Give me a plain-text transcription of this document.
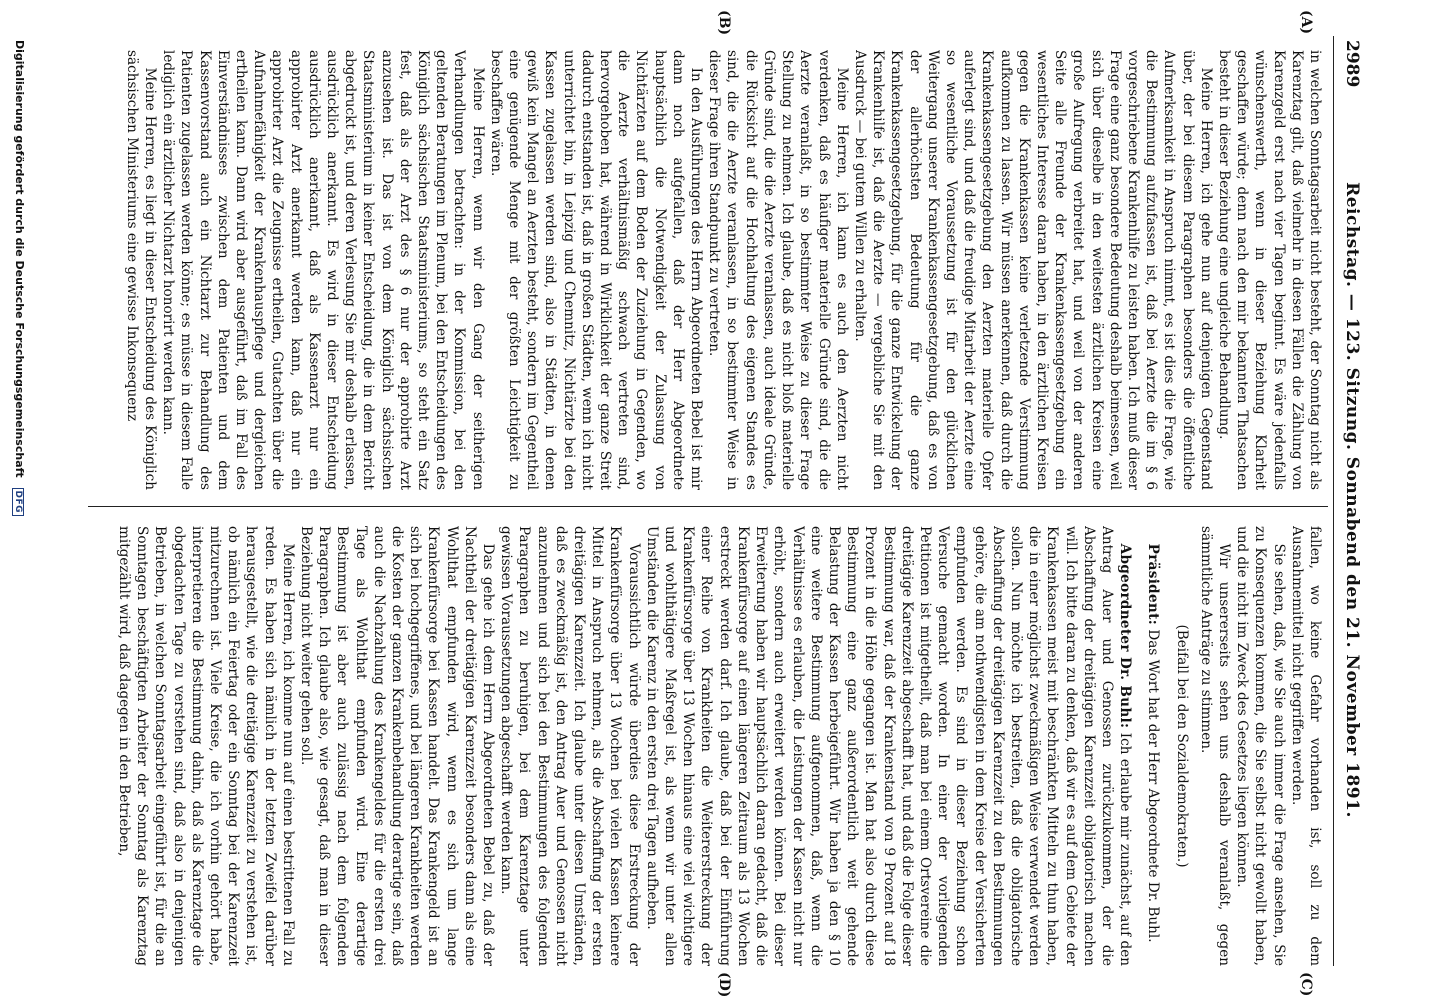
2989
Reichstag. — 123. Sitzung. Sonnabend den 21. November 1891.
(C)
(A)
(D)
(B)

in welchen Sonntagsarbeit nicht besteht, der Sonntag nicht als Karenztag gilt, daß vielmehr in diesen Fällen die Zählung von Karenzgeld erst nach vier Tagen beginnt. Es wäre jedenfalls wünschenswerth, wenn in dieser Beziehung Klarheit geschaffen würde; denn nach den mir bekannten Thatsachen besteht in dieser Beziehung eine ungleiche Behandlung.

Meine Herren, ich gehe nun auf denjenigen Gegenstand über, der bei diesem Paragraphen besonders die öffentliche Aufmerksamkeit in Anspruch nimmt, es ist dies die Frage, wie die Bestimmung aufzufassen ist, daß bei Aerzte die im § 6 vorgeschriebene Krankenhilfe zu leisten haben. Ich muß dieser Frage eine ganz besondere Bedeutung deshalb beimessen, weil sich über dieselbe in den weitesten ärztlichen Kreisen eine große Aufregung verbreitet hat, und weil von der anderen Seite alle Freunde der Krankenkassengesetzgebung ein wesentliches Interesse daran haben, in den ärztlichen Kreisen gegen die Krankenkassen keine verletzende Verstimmung aufkommen zu lassen. Wir müssen anerkennen, daß durch die Krankenkassengesetzgebung den Aerzten materielle Opfer auferlegt sind, und daß die freudige Mitarbeit der Aerzte eine so wesentliche Voraussetzung ist für den glücklichen Weitergang unserer Krankenkassengesetzgebung, daß es von der allerhöchsten Bedeutung für die ganze Krankenkassengesetzgebung, für die ganze Entwickelung der Krankenhilfe ist, daß die Aerzte — vergebliche Sie mit den Ausdruck — bei gutem Willen zu erhalten.

Meine Herren, ich kann es auch den Aerzten nicht verdenken, daß es häufiger materielle Gründe sind, die die Aerzte veranlaßt, in so bestimmter Weise zu dieser Frage Stellung zu nehmen. Ich glaube, daß es nicht bloß materielle Gründe sind, die die Aerzte veranlassen, auch ideale Gründe, die Rücksicht auf die Hochhaltung des eigenen Standes es sind, die die Aerzte veranlassen, in so bestimmter Weise in dieser Frage ihren Standpunkt zu vertreten.

In den Ausführungen des Herrn Abgeordneten Bebel ist mir dann noch aufgefallen, daß der Herr Abgeordnete hauptsächlich die Notwendigkeit der Zulassung von Nichtärzten auf dem Boden der Zuziehung in Gegenden, wo die Aerzte verhältnismäßig schwach vertreten sind, hervorgehoben hat, während in Wirklichkeit der ganze Streit dadurch entstanden ist, daß in großen Städten, wenn ich nicht unterrichtet bin, in Leipzig und Chemnitz, Nichtärzte bei den Kassen zugelassen werden sind, also in Städten, in denen gewiß kein Mangel an Aerzten besteht, sondern im Gegentheil eine genügende Menge mit der größten Leichtigkeit zu beschaffen wären.

Meine Herren, wenn wir den Gang der seitherigen Verhandlungen betrachten: in der Kommission, bei den geltenden Beratungen im Plenum, bei den Entscheidungen des Königlich sächsischen Staatsministeriums, so steht ein Satz fest, daß als der Arzt des § 6 nur der approbirte Arzt anzusehen ist. Das ist von dem Königlich sächsischen Staatsministerium in keiner Entscheidung, die in dem Bericht abgedruckt ist, und deren Verlesung Sie mir deshalb erlassen, ausdrücklich anerkannt. Es wird in dieser Entscheidung ausdrücklich anerkannt, daß als Kassenarzt nur ein approbirter Arzt anerkannt werden kann, daß nur ein approbirter Arzt die Zeugnisse ertheilen, Gutachten über die Aufnahmefähigkeit der Krankenhauspflege und dergleichen ertheilen kann. Dann wird aber ausgeführt, daß im Fall des Einverständnisses zwischen dem Patienten und dem Kassenvorstand auch ein Nichtarzt zur Behandlung des Patienten zugelassen werden könne; es müsse in diesem Falle lediglich ein ärztlicher Nichtarzt honorirt werden kann.

Meine Herren, es liegt in dieser Entscheidung des Königlich sächsischen Ministeriums eine gewisse Inkonsequenz

fallen, wo keine Gefahr vorhanden ist, soll zu dem Ausnahmemittel nicht gegriffen werden.

Sie sehen, daß, wie Sie auch immer die Frage ansehen, Sie zu Konsequenzen kommen, die Sie selbst nicht gewollt haben, und die nicht im Zweck des Gesetzes liegen können.

Wir unsererseits sehen uns deshalb veranlaßt, gegen sämmtliche Anträge zu stimmen.

(Beifall bei den Sozialdemokraten.)

Präsident: Das Wort hat der Herr Abgeordnete Dr. Buhl.

Abgeordneter Dr. Buhl: Ich erlaube mir zunächst, auf den Antrag Auer und Genossen zurückzukommen, der die Abschaffung der dreitägigen Karenzzeit obligatorisch machen will. Ich bitte daran zu denken, daß wir es auf dem Gebiete der Krankenkassen meist mit beschränkten Mitteln zu thun haben, die in einer möglichst zweckmäßigen Weise verwendet werden sollen. Nun möchte ich bestreiten, daß die obligatorische Abschaffung der dreitägigen Karenzzeit zu den Bestimmungen gehöre, die am nothwendigsten in dem Kreise der Versicherten empfunden werden. Es sind in dieser Beziehung schon Versuche gemacht worden. In einer der vorliegenden Petitionen ist mitgetheilt, daß man bei einem Ortsvereine die dreitägige Karenzzeit abgeschafft hat, und daß die Folge dieser Bestimmung war, daß der Krankenstand von 9 Prozent auf 18 Prozent in die Höhe gegangen ist. Man hat also durch diese Bestimmung eine ganz außerordentlich weit gehende Belastung der Kassen herbeigeführt. Wir haben ja den § 10 eine weitere Bestimmung aufgenommen, daß, wenn die Verhältnisse es erlauben, die Leistungen der Kassen nicht nur erhöht, sondern auch erweitert werden können. Bei dieser Erweiterung haben wir hauptsächlich daran gedacht, daß die Krankenfürsorge auf einen längeren Zeitraum als 13 Wochen erstreckt werden darf. Ich glaube, daß bei der Einführung einer Reihe von Krankheiten die Weitererstreckung der Krankenfürsorge über 13 Wochen hinaus eine viel wichtigere und wohlthätigere Maßregel ist, als wenn wir unter allen Umständen die Karenz in den ersten drei Tagen aufheben.

Voraussichtlich würde überdies diese Erstreckung der Krankenfürsorge über 13 Wochen bei vielen Kassen keinere Mittel in Anspruch nehmen, als die Abschaffung der ersten dreitägigen Karenzzeit. Ich glaube unter diesen Umständen, daß es zweckmäßig ist, den Antrag Auer und Genossen nicht anzunehmen und sich bei den Bestimmungen des folgenden Paragraphen zu beruhigen, bei dem Karenztage unter gewissen Voraussetzungen abgeschafft werden kann.

Das gehe ich dem Herrn Abgeordneten Bebel zu, daß der Nachtheil der dreitägigen Karenzzeit besonders dann als eine Wohlthat empfunden wird, wenn es sich um lange Krankenfürsorge bei Kassen handelt. Das Krankengeld ist an sich bei hochgegriffenes, und bei längeren Krankheiten werden die Kosten der ganzen Krankenbehandlung derartige sein, daß auch die Nachzahlung des Krankengeldes für die ersten drei Tage als Wohlthat empfunden wird. Eine derartige Bestimmung ist aber auch zulässig nach dem folgenden Paragraphen. Ich glaube also, wie gesagt, daß man in dieser Beziehung nicht weiter gehen soll.

Meine Herren, ich komme nun auf einen bestrittenen Fall zu reden. Es haben sich nämlich in der letzten Zweifel darüber herausgestellt, wie die dreitägige Karenzzeit zu verstehen ist, ob nämlich ein Feiertag oder ein Sonntag bei der Karenzzeit mitzurechnen ist. Viele Kreise, die ich vorhin gehört habe, interpretieren die Bestimmung dahin, daß als Karenztage die obgedachten Tage zu verstehen sind, daß also in denjenigen Betrieben, in welchen Sonntagsarbeit eingeführt ist, für die an Sonntagen beschäftigten Arbeiter der Sonntag als Karenztag mitgezählt wird, daß dagegen in den Betrieben,

Digitalisierung gefördert durch die Deutsche Forschungsgemeinschaft DFG
